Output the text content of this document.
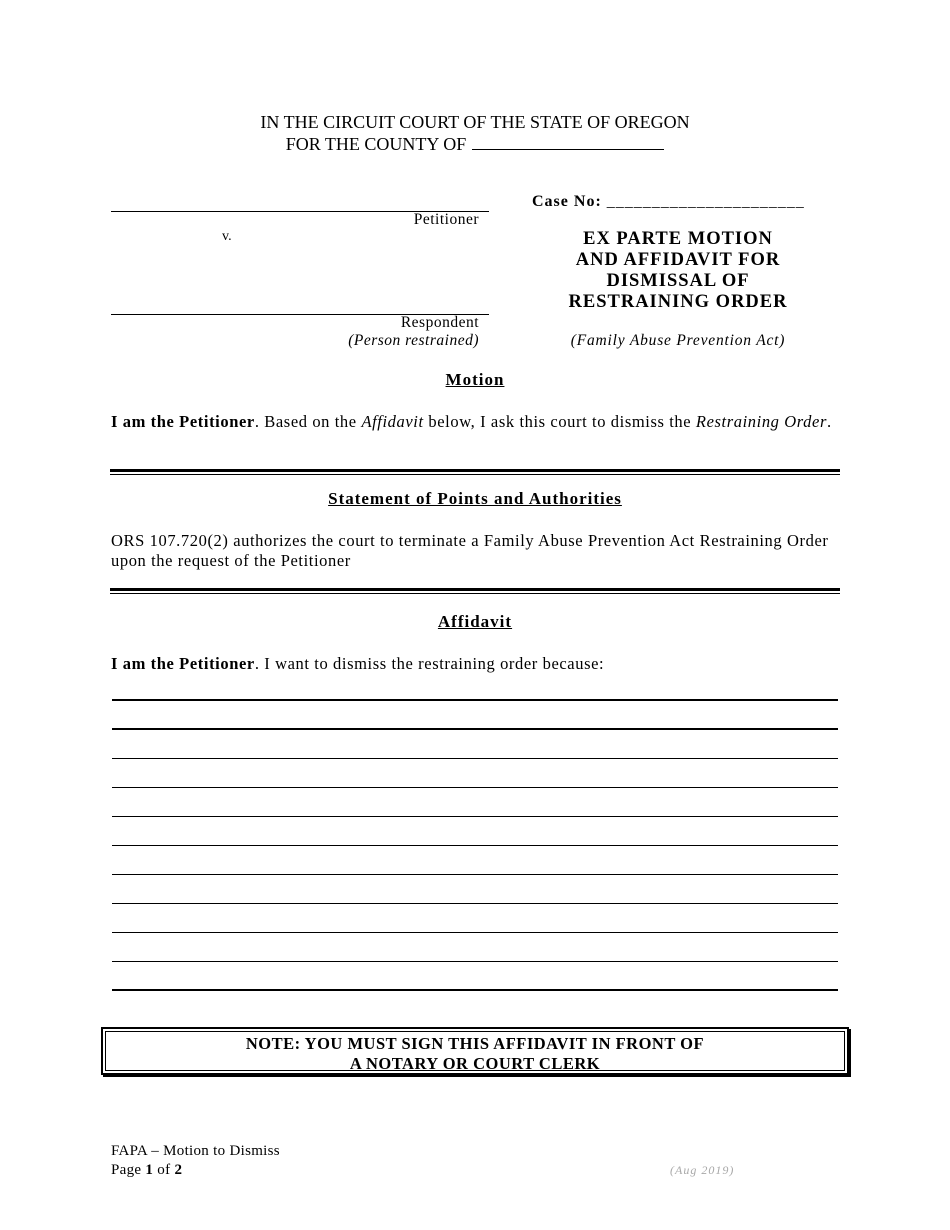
IN THE CIRCUIT COURT OF THE STATE OF OREGON
FOR THE COUNTY OF
Petitioner
v.
Respondent
(Person restrained)
Case No: ______________________
EX PARTE MOTION
AND AFFIDAVIT FOR
DISMISSAL OF
RESTRAINING ORDER
(Family Abuse Prevention Act)
Motion
I am the Petitioner. Based on the Affidavit below, I ask this court to dismiss the Restraining Order.
Statement of Points and Authorities
ORS 107.720(2) authorizes the court to terminate a Family Abuse Prevention Act Restraining Order upon the request of the Petitioner
Affidavit
I am the Petitioner. I want to dismiss the restraining order because:
NOTE: YOU MUST SIGN THIS AFFIDAVIT IN FRONT OF
A NOTARY OR COURT CLERK
FAPA – Motion to Dismiss
Page 1 of 2	(Aug 2019)
